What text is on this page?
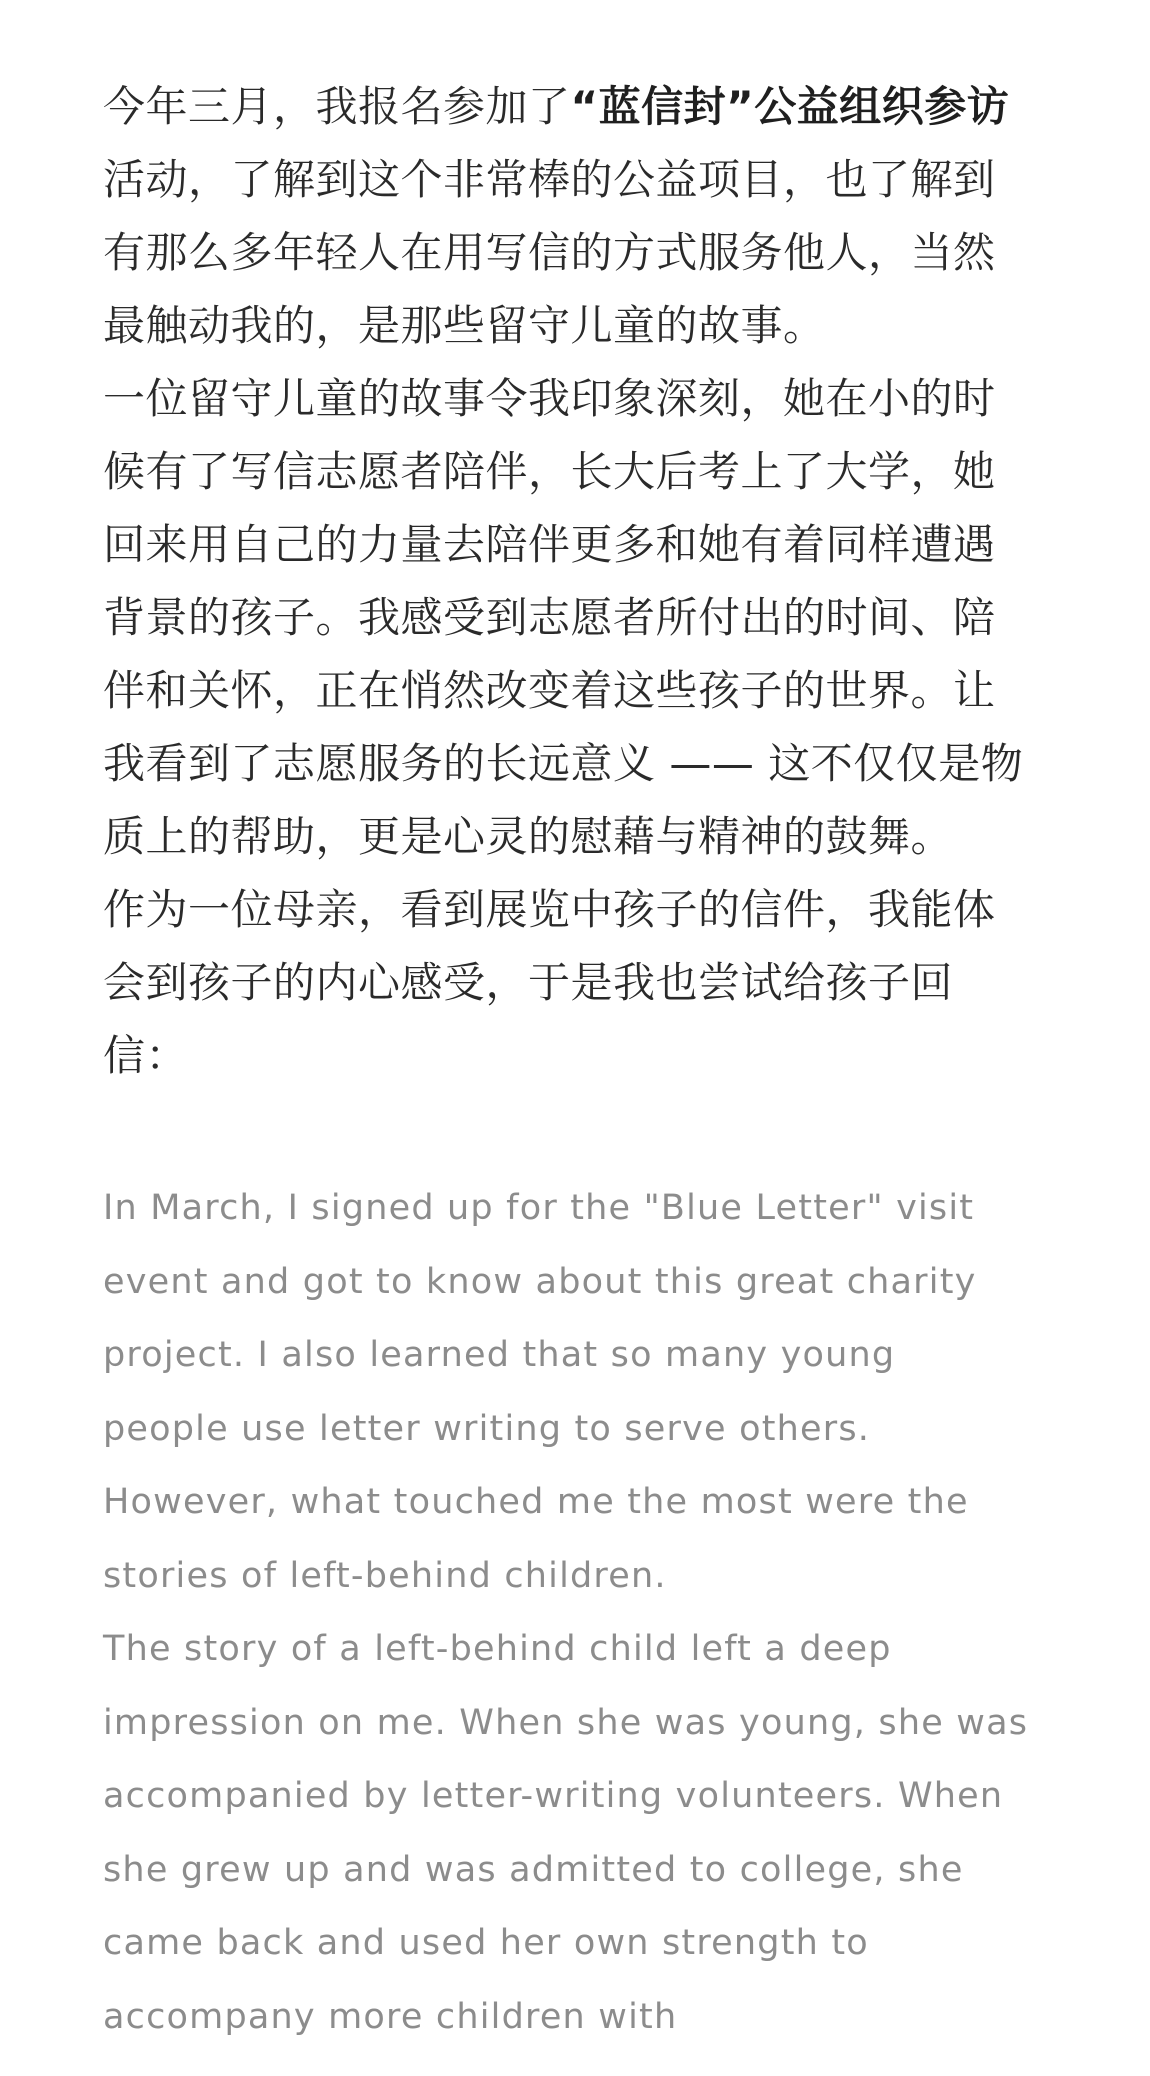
今年三月，我报名参加了“蓝信封”公益组织参访活动，了解到这个非常棒的公益项目，也了解到有那么多年轻人在用写信的方式服务他人，当然最触动我的，是那些留守儿童的故事。

一位留守儿童的故事令我印象深刻，她在小的时候有了写信志愿者陪伴，长大后考上了大学，她回来用自己的力量去陪伴更多和她有着同样遭遇背景的孩子。我感受到志愿者所付出的时间、陪伴和关怀，正在悄然改变着这些孩子的世界。让我看到了志愿服务的长远意义 —— 这不仅仅是物质上的帮助，更是心灵的慰藉与精神的鼓舞。

作为一位母亲，看到展览中孩子的信件，我能体会到孩子的内心感受，于是我也尝试给孩子回信：

In March, I signed up for the "Blue Letter" visit event and got to know about this great charity project. I also learned that so many young people use letter writing to serve others. However, what touched me the most were the stories of left-behind children.

The story of a left-behind child left a deep impression on me. When she was young, she was accompanied by letter-writing volunteers. When she grew up and was admitted to college, she came back and used her own strength to accompany more children with
